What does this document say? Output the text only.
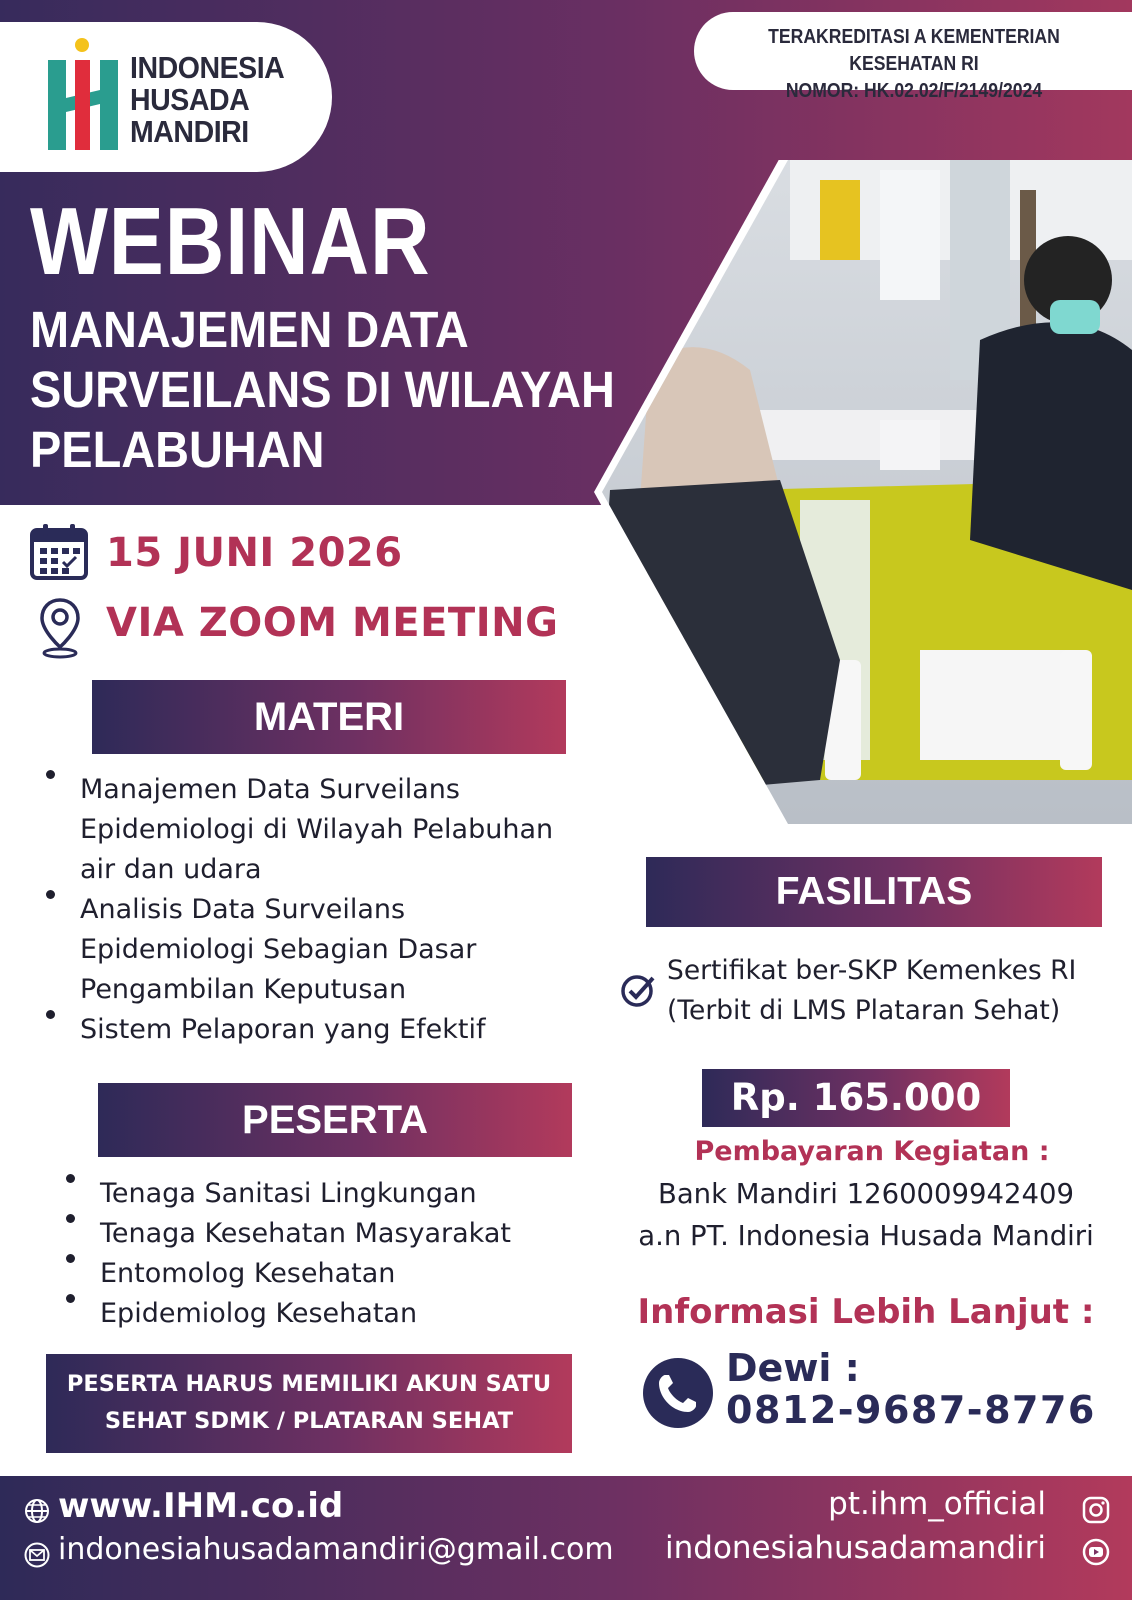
INDONESIA
HUSADA
MANDIRI
TERAKREDITASI A KEMENTERIAN KESEHATAN RI
NOMOR: HK.02.02/F/2149/2024
WEBINAR
MANAJEMEN DATA
SURVEILANS DI WILAYAH
PELABUHAN
15 JUNI 2026
VIA ZOOM MEETING
MATERI
Manajemen Data Surveilans
Epidemiologi di Wilayah Pelabuhan
air dan udara
Analisis Data Surveilans
Epidemiologi Sebagian Dasar
Pengambilan Keputusan
Sistem Pelaporan yang Efektif
PESERTA
Tenaga Sanitasi Lingkungan
Tenaga Kesehatan Masyarakat
Entomolog Kesehatan
Epidemiolog Kesehatan
PESERTA HARUS MEMILIKI AKUN SATU
SEHAT SDMK / PLATARAN SEHAT
FASILITAS
Sertifikat ber-SKP Kemenkes RI
(Terbit di LMS Plataran Sehat)
Rp. 165.000
Pembayaran Kegiatan :
Bank Mandiri 1260009942409
a.n PT. Indonesia Husada Mandiri
Informasi Lebih Lanjut :
Dewi :
0812-9687-8776
www.IHM.co.id
indonesiahusadamandiri@gmail.com
pt.ihm_official
indonesiahusadamandiri
